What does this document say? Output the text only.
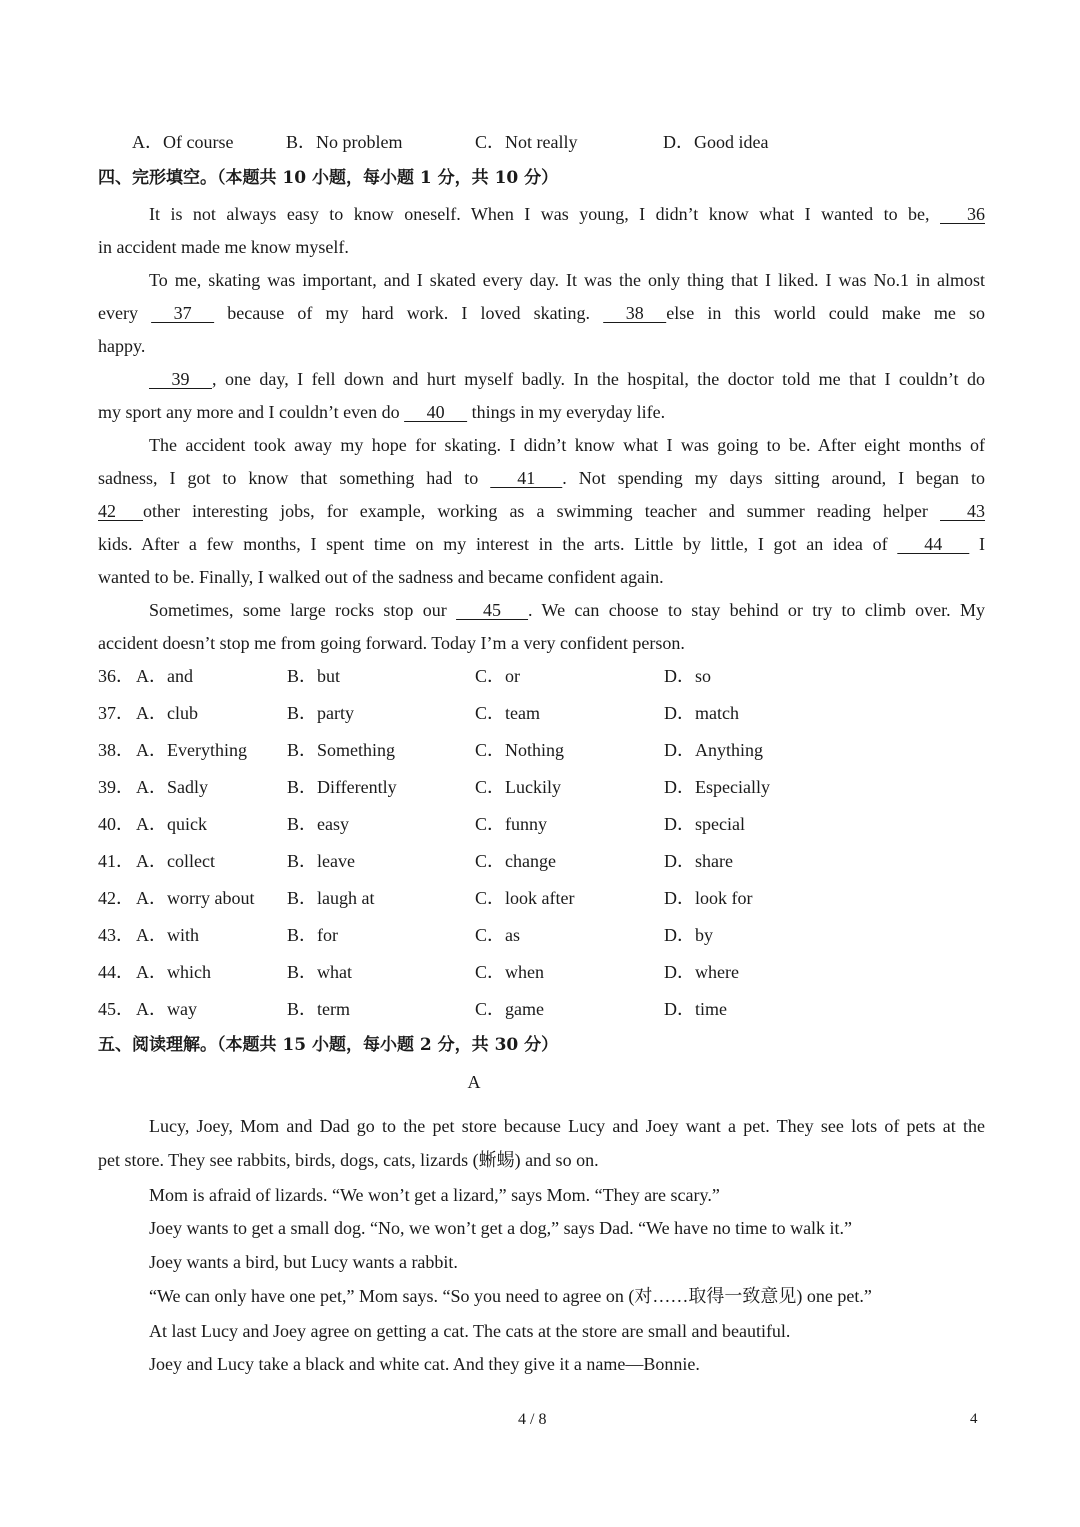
A．Of course	B．No problem	C．Not really	D．Good idea
四、完形填空。（本题共 10 小题，每小题 1 分，共 10 分）
It is not always easy to know oneself. When I was young, I didn’t know what I wanted to be,       36
in accident made me know myself.
To me, skating was important, and I skated every day. It was the only thing that I liked. I was No.1 in almost
every      37      because of my hard work. I loved skating.      38     else in this world could make me so
happy.
39     , one day, I fell down and hurt myself badly. In the hospital, the doctor told me that I couldn’t do
my sport any more and I couldn’t even do      40      things in my everyday life.
The accident took away my hope for skating. I didn’t know what I was going to be. After eight months of
sadness, I got to know that something had to       41      . Not spending my days sitting around, I began to
42      other interesting jobs, for example, working as a swimming teacher and summer reading helper       43
kids. After a few months, I spent time on my interest in the arts. Little by little, I got an idea of       44       I
wanted to be. Finally, I walked out of the sadness and became confident again.
Sometimes, some large rocks stop our       45      . We can choose to stay behind or try to climb over. My
accident doesn’t stop me from going forward. Today I’m a very confident person.
36． A．and	B．but	C．or	D．so
37． A．club	B．party	C．team	D．match
38． A．Everything B．Something	C．Nothing	D．Anything
39． A．Sadly	B．Differently	C．Luckily	D．Especially
40． A．quick	B．easy	C．funny	D．special
41． A．collect	B．leave	C．change	D．share
42． A．worry about B．laugh at	C．look after	D．look for
43． A．with	B．for	C．as	D．by
44． A．which	B．what	C．when	D．where
45． A．way	B．term	C．game	D．time
五、阅读理解。（本题共 15 小题，每小题 2 分，共 30 分）
A
Lucy, Joey, Mom and Dad go to the pet store because Lucy and Joey want a pet. They see lots of pets at the
pet store. They see rabbits, birds, dogs, cats, lizards (蜥蜴) and so on.
Mom is afraid of lizards. “We won’t get a lizard,” says Mom. “They are scary.”
Joey wants to get a small dog. “No, we won’t get a dog,” says Dad. “We have no time to walk it.”
Joey wants a bird, but Lucy wants a rabbit.
“We can only have one pet,” Mom says. “So you need to agree on (对……取得一致意见) one pet.”
At last Lucy and Joey agree on getting a cat. The cats at the store are small and beautiful.
Joey and Lucy take a black and white cat. And they give it a name—Bonnie.
4 / 8	4
